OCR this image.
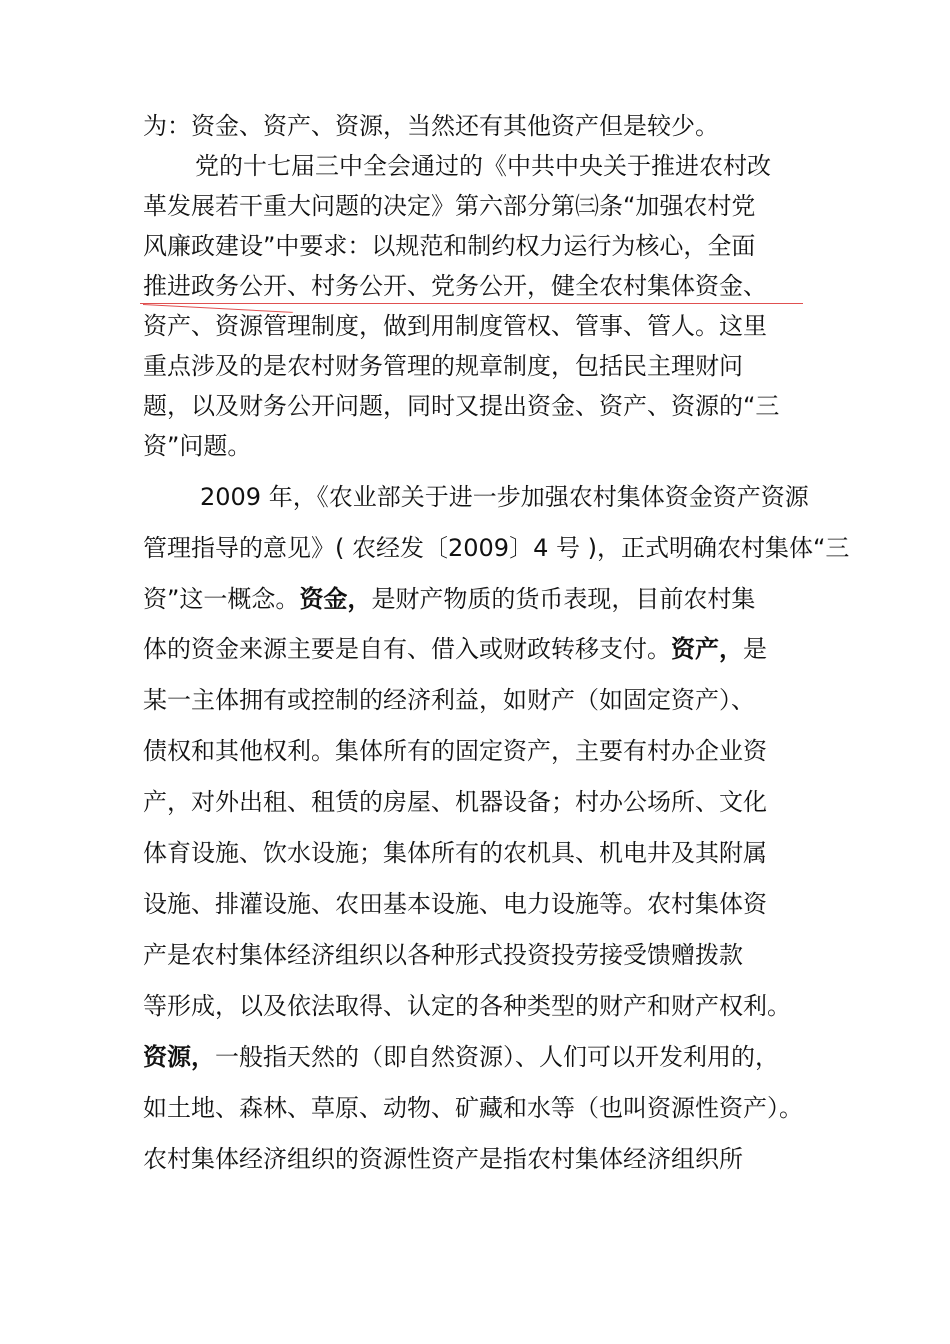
为：资金、资产、资源，当然还有其他资产但是较少。
党的十七届三中全会通过的《中共中央关于推进农村改
革发展若干重大问题的决定》第六部分第㈢条“加强农村党
风廉政建设”中要求：以规范和制约权力运行为核心，全面
推进政务公开、村务公开、党务公开，健全农村集体资金、
资产、资源管理制度，做到用制度管权、管事、管人。这里
重点涉及的是农村财务管理的规章制度，包括民主理财问
题，以及财务公开问题，同时又提出资金、资产、资源的“三
资”问题。
2009 年，《农业部关于进一步加强农村集体资金资产资源
管理指导的意见》( 农经发〔2009〕4 号 )，正式明确农村集体“三
资”这一概念。资金，是财产物质的货币表现，目前农村集
体的资金来源主要是自有、借入或财政转移支付。资产，是
某一主体拥有或控制的经济利益，如财产（如固定资产）、
债权和其他权利。集体所有的固定资产，主要有村办企业资
产，对外出租、租赁的房屋、机器设备；村办公场所、文化
体育设施、饮水设施；集体所有的农机具、机电井及其附属
设施、排灌设施、农田基本设施、电力设施等。农村集体资
产是农村集体经济组织以各种形式投资投劳接受馈赠拨款
等形成，以及依法取得、认定的各种类型的财产和财产权利。
资源，一般指天然的（即自然资源）、人们可以开发利用的，
如土地、森林、草原、动物、矿藏和水等（也叫资源性资产）。
农村集体经济组织的资源性资产是指农村集体经济组织所
